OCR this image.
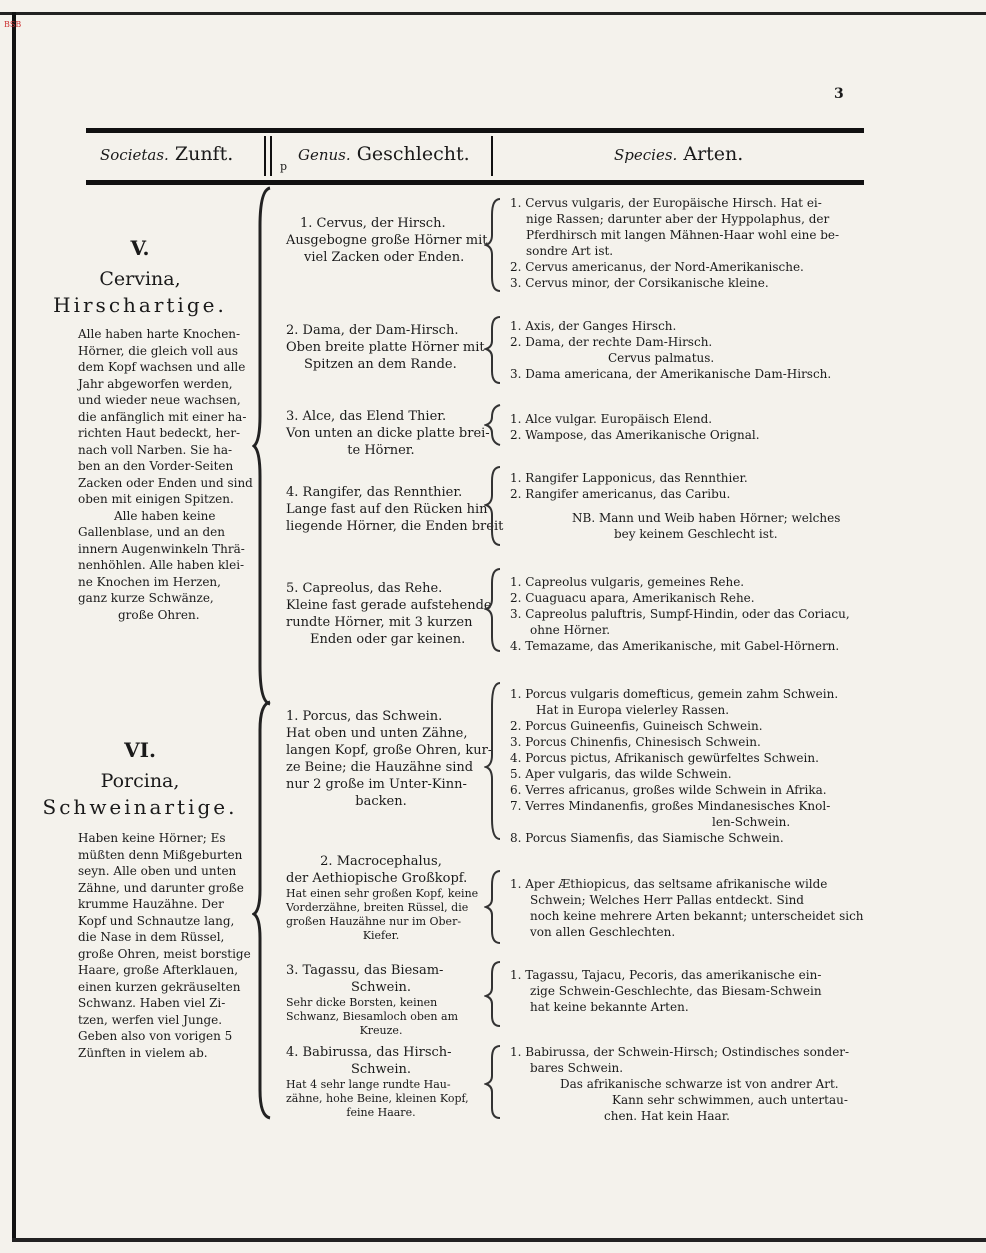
BSB
3
Societas. Zunft.
p
Genus. Geschlecht.	Species. Arten.
V.
Cervina,
Hirschartige.
Alle haben harte Knochen-
Hörner, die gleich voll aus
dem Kopf wachsen und alle
Jahr abgeworfen werden,
und wieder neue wachsen,
die anfänglich mit einer ha-
richten Haut bedeckt, her-
nach voll Narben. Sie ha-
ben an den Vorder-Seiten
Zacken oder Enden und sind
oben mit einigen Spitzen.
Alle haben keine
Gallenblase, und an den
innern Augenwinkeln Thrä-
nenhöhlen. Alle haben klei-
ne Knochen im Herzen,
ganz kurze Schwänze,
große Ohren.
VI.
Porcina,
Schweinartige.
Haben keine Hörner; Es
müßten denn Mißgeburten
seyn. Alle oben und unten
Zähne, und darunter große
krumme Hauzähne. Der
Kopf und Schnautze lang,
die Nase in dem Rüssel,
große Ohren, meist borstige
Haare, große Afterklauen,
einen kurzen gekräuselten
Schwanz. Haben viel Zi-
tzen, werfen viel Junge.
Geben also von vorigen 5
Zünften in vielem ab.
1. Cervus, der Hirsch.
Ausgebogne große Hörner mit
viel Zacken oder Enden.
2. Dama, der Dam-Hirsch.
Oben breite platte Hörner mit
Spitzen an dem Rande.
3. Alce, das Elend Thier.
Von unten an dicke platte brei-
te Hörner.
4. Rangifer, das Rennthier.
Lange fast auf den Rücken hin
liegende Hörner, die Enden breit
5. Capreolus, das Rehe.
Kleine fast gerade aufstehende
rundte Hörner, mit 3 kurzen
Enden oder gar keinen.
1. Porcus, das Schwein.
Hat oben und unten Zähne,
langen Kopf, große Ohren, kur-
ze Beine; die Hauzähne sind
nur 2 große im Unter-Kinn-
backen.
2. Macrocephalus,
der Aethiopische Großkopf.
Hat einen sehr großen Kopf, keine
Vorderzähne, breiten Rüssel, die
großen Hauzähne nur im Ober-
Kiefer.
3. Tagassu, das Biesam-
Schwein.
Sehr dicke Borsten, keinen
Schwanz, Biesamloch oben am
Kreuze.
4. Babirussa, das Hirsch-
Schwein.
Hat 4 sehr lange rundte Hau-
zähne, hohe Beine, kleinen Kopf,
feine Haare.
1. Cervus vulgaris, der Europäische Hirsch. Hat ei-
nige Rassen; darunter aber der Hyppolaphus, der
Pferdhirsch mit langen Mähnen-Haar wohl eine be-
sondre Art ist.
2. Cervus americanus, der Nord-Amerikanische.
3. Cervus minor, der Corsikanische kleine.
1. Axis, der Ganges Hirsch.
2. Dama, der rechte Dam-Hirsch.
Cervus palmatus.
3. Dama americana, der Amerikanische Dam-Hirsch.
1. Alce vulgar. Europäisch Elend.
2. Wampose, das Amerikanische Orignal.
1. Rangifer Lapponicus, das Rennthier.
2. Rangifer americanus, das Caribu.
NB. Mann und Weib haben Hörner; welches
bey keinem Geschlecht ist.
1. Capreolus vulgaris, gemeines Rehe.
2. Cuaguacu apara, Amerikanisch Rehe.
3. Capreolus paluftris, Sumpf-Hindin, oder das Coriacu,
ohne Hörner.
4. Temazame, das Amerikanische, mit Gabel-Hörnern.
1. Porcus vulgaris domefticus, gemein zahm Schwein.
Hat in Europa vielerley Rassen.
2. Porcus Guineenfis, Guineisch Schwein.
3. Porcus Chinenfis, Chinesisch Schwein.
4. Porcus pictus, Afrikanisch gewürfeltes Schwein.
5. Aper vulgaris, das wilde Schwein.
6. Verres africanus, großes wilde Schwein in Afrika.
7. Verres Mindanenfis, großes Mindanesisches Knol-
len-Schwein.
8. Porcus Siamenfis, das Siamische Schwein.
1. Aper Æthiopicus, das seltsame afrikanische wilde
Schwein; Welches Herr Pallas entdeckt. Sind
noch keine mehrere Arten bekannt; unterscheidet sich
von allen Geschlechten.
1. Tagassu, Tajacu, Pecoris, das amerikanische ein-
zige Schwein-Geschlechte, das Biesam-Schwein
hat keine bekannte Arten.
1. Babirussa, der Schwein-Hirsch; Ostindisches sonder-
bares Schwein.
Das afrikanische schwarze ist von andrer Art.
Kann sehr schwimmen, auch untertau-
chen. Hat kein Haar.
